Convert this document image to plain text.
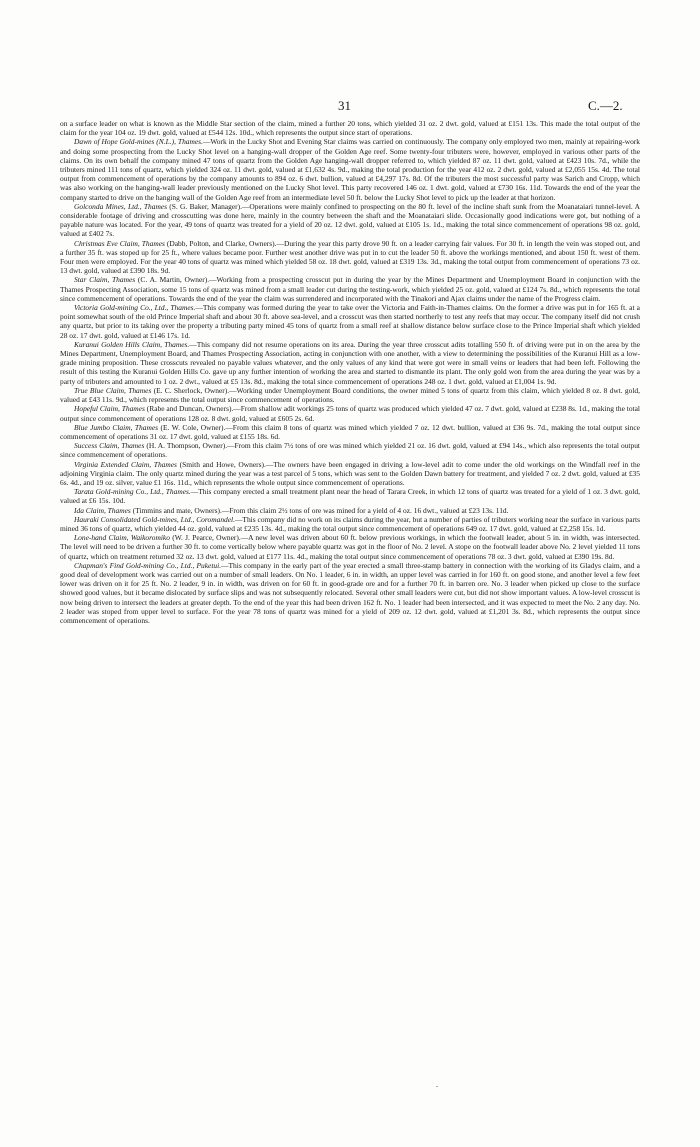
31	C.—2.

on a surface leader on what is known as the Middle Star section of the claim, mined a further 20 tons, which yielded 31 oz. 2 dwt. gold, valued at £151 13s. This made the total output of the claim for the year 104 oz. 19 dwt. gold, valued at £544 12s. 10d., which represents the output since start of operations.

Dawn of Hope Gold-mines (N.L.), Thames.—Work in the Lucky Shot and Evening Star claims was carried on continuously. The company only employed two men, mainly at repairing-work and doing some prospecting from the Lucky Shot level on a hanging-wall dropper of the Golden Age reef. Some twenty-four tributers were, however, employed in various other parts of the claims. On its own behalf the company mined 47 tons of quartz from the Golden Age hanging-wall dropper referred to, which yielded 87 oz. 11 dwt. gold, valued at £423 10s. 7d., while the tributers mined 111 tons of quartz, which yielded 324 oz. 11 dwt. gold, valued at £1,632 4s. 9d., making the total production for the year 412 oz. 2 dwt. gold, valued at £2,055 15s. 4d. The total output from commencement of operations by the company amounts to 894 oz. 6 dwt. bullion, valued at £4,297 17s. 8d. Of the tributers the most successful party was Sarich and Cropp, which was also working on the hanging-wall leader previously mentioned on the Lucky Shot level. This party recovered 146 oz. 1 dwt. gold, valued at £730 16s. 11d. Towards the end of the year the company started to drive on the hanging wall of the Golden Age reef from an intermediate level 50 ft. below the Lucky Shot level to pick up the leader at that horizon.

Golconda Mines, Ltd., Thames (S. G. Baker, Manager).—Operations were mainly confined to prospecting on the 80 ft. level of the incline shaft sunk from the Moanataiari tunnel-level. A considerable footage of driving and crosscutting was done here, mainly in the country between the shaft and the Moanataiari slide. Occasionally good indications were got, but nothing of a payable nature was located. For the year, 49 tons of quartz was treated for a yield of 20 oz. 12 dwt. gold, valued at £105 1s. 1d., making the total since commencement of operations 98 oz. gold, valued at £402 7s.

Christmas Eve Claim, Thames (Dabb, Polton, and Clarke, Owners).—During the year this party drove 90 ft. on a leader carrying fair values. For 30 ft. in length the vein was stoped out, and a further 35 ft. was stoped up for 25 ft., where values became poor. Further west another drive was put in to cut the leader 50 ft. above the workings mentioned, and about 150 ft. west of them. Four men were employed. For the year 40 tons of quartz was mined which yielded 58 oz. 18 dwt. gold, valued at £319 13s. 3d., making the total output from commencement of operations 73 oz. 13 dwt. gold, valued at £390 18s. 9d.

Star Claim, Thames (C. A. Martin, Owner).—Working from a prospecting crosscut put in during the year by the Mines Department and Unemployment Board in conjunction with the Thames Prospecting Association, some 15 tons of quartz was mined from a small leader cut during the testing-work, which yielded 25 oz. gold, valued at £124 7s. 8d., which represents the total since commencement of operations. Towards the end of the year the claim was surrendered and incorporated with the Tinakori and Ajax claims under the name of the Progress claim.

Victoria Gold-mining Co., Ltd., Thames.—This company was formed during the year to take over the Victoria and Faith-in-Thames claims. On the former a drive was put in for 165 ft. at a point somewhat south of the old Prince Imperial shaft and about 30 ft. above sea-level, and a crosscut was then started northerly to test any reefs that may occur. The company itself did not crush any quartz, but prior to its taking over the property a tributing party mined 45 tons of quartz from a small reef at shallow distance below surface close to the Prince Imperial shaft which yielded 28 oz. 17 dwt. gold, valued at £146 17s. 1d.

Kuranui Golden Hills Claim, Thames.—This company did not resume operations on its area. During the year three crosscut adits totalling 550 ft. of driving were put in on the area by the Mines Department, Unemployment Board, and Thames Prospecting Association, acting in conjunction with one another, with a view to determining the possibilities of the Kuranui Hill as a low-grade mining proposition. These crosscuts revealed no payable values whatever, and the only values of any kind that were got were in small veins or leaders that had been left. Following the result of this testing the Kuranui Golden Hills Co. gave up any further intention of working the area and started to dismantle its plant. The only gold won from the area during the year was by a party of tributers and amounted to 1 oz. 2 dwt., valued at £5 13s. 8d., making the total since commencement of operations 248 oz. 1 dwt. gold, valued at £1,004 1s. 9d.

True Blue Claim, Thames (E. C. Sherlock, Owner).—Working under Unemployment Board conditions, the owner mined 5 tons of quartz from this claim, which yielded 8 oz. 8 dwt. gold, valued at £43 11s. 9d., which represents the total output since commencement of operations.

Hopeful Claim, Thames (Rabe and Duncan, Owners).—From shallow adit workings 25 tons of quartz was produced which yielded 47 oz. 7 dwt. gold, valued at £238 8s. 1d., making the total output since commencement of operations 128 oz. 8 dwt. gold, valued at £605 2s. 6d.

Blue Jumbo Claim, Thames (E. W. Cole, Owner).—From this claim 8 tons of quartz was mined which yielded 7 oz. 12 dwt. bullion, valued at £36 9s. 7d., making the total output since commencement of operations 31 oz. 17 dwt. gold, valued at £155 18s. 6d.

Success Claim, Thames (H. A. Thompson, Owner).—From this claim 7½ tons of ore was mined which yielded 21 oz. 16 dwt. gold, valued at £94 14s., which also represents the total output since commencement of operations.

Virginia Extended Claim, Thames (Smith and Howe, Owners).—The owners have been engaged in driving a low-level adit to come under the old workings on the Windfall reef in the adjoining Virginia claim. The only quartz mined during the year was a test parcel of 5 tons, which was sent to the Golden Dawn battery for treatment, and yielded 7 oz. 2 dwt. gold, valued at £35 6s. 4d., and 19 oz. silver, value £1 16s. 11d., which represents the whole output since commencement of operations.

Tarata Gold-mining Co., Ltd., Thames.—This company erected a small treatment plant near the head of Tarara Creek, in which 12 tons of quartz was treated for a yield of 1 oz. 3 dwt. gold, valued at £6 15s. 10d.

Ida Claim, Thames (Timmins and mate, Owners).—From this claim 2½ tons of ore was mined for a yield of 4 oz. 16 dwt., valued at £23 13s. 11d.

Hauraki Consolidated Gold-mines, Ltd., Coromandel.—This company did no work on its claims during the year, but a number of parties of tributers working near the surface in various parts mined 36 tons of quartz, which yielded 44 oz. gold, valued at £235 13s. 4d., making the total output since commencement of operations 649 oz. 17 dwt. gold, valued at £2,258 15s. 1d.

Lone-hand Claim, Waikoromiko (W. J. Pearce, Owner).—A new level was driven about 60 ft. below previous workings, in which the footwall leader, about 5 in. in width, was intersected. The level will need to be driven a further 30 ft. to come vertically below where payable quartz was got in the floor of No. 2 level. A stope on the footwall leader above No. 2 level yielded 11 tons of quartz, which on treatment returned 32 oz. 13 dwt. gold, valued at £177 11s. 4d., making the total output since commencement of operations 78 oz. 3 dwt. gold, valued at £390 19s. 8d.

Chapman's Find Gold-mining Co., Ltd., Puketui.—This company in the early part of the year erected a small three-stamp battery in connection with the working of its Gladys claim, and a good deal of development work was carried out on a number of small leaders. On No. 1 leader, 6 in. in width, an upper level was carried in for 160 ft. on good stone, and another level a few feet lower was driven on it for 25 ft. No. 2 leader, 9 in. in width, was driven on for 60 ft. in good-grade ore and for a further 70 ft. in barren ore. No. 3 leader when picked up close to the surface showed good values, but it became dislocated by surface slips and was not subsequently relocated. Several other small leaders were cut, but did not show important values. A low-level crosscut is now being driven to intersect the leaders at greater depth. To the end of the year this had been driven 162 ft. No. 1 leader had been intersected, and it was expected to meet the No. 2 any day. No. 2 leader was stoped from upper level to surface. For the year 78 tons of quartz was mined for a yield of 209 oz. 12 dwt. gold, valued at £1,201 3s. 8d., which represents the output since commencement of operations.

.
